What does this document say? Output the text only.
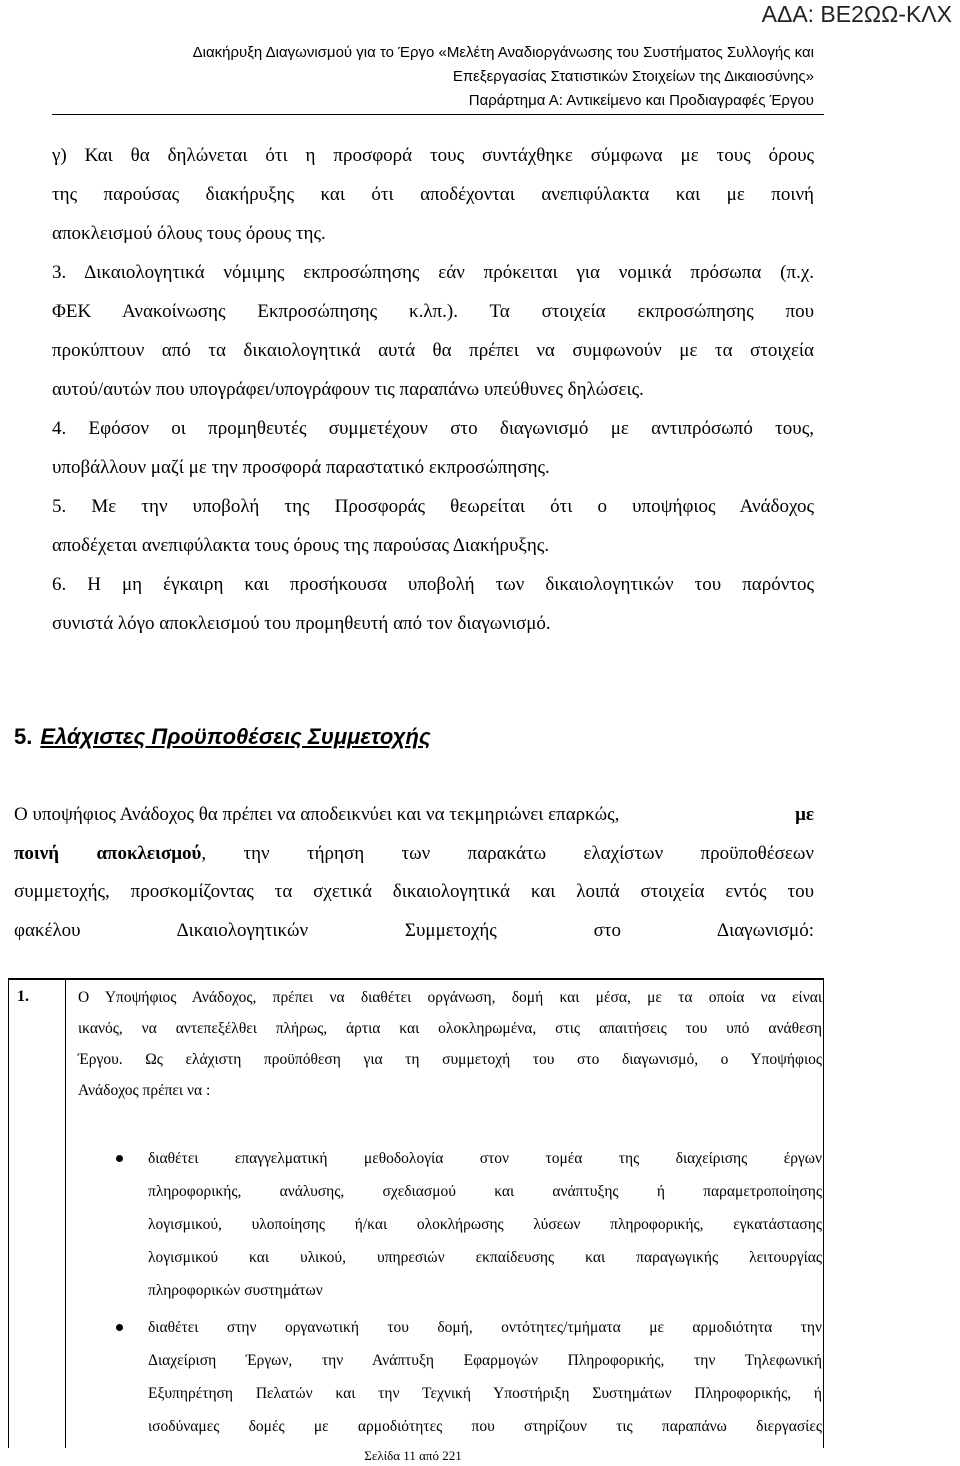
ΑΔΑ: ΒΕ2ΩΩ-ΚΛΧ
Διακήρυξη Διαγωνισμού για το Έργο «Μελέτη Αναδιοργάνωσης του Συστήματος Συλλογής και
Επεξεργασίας Στατιστικών Στοιχείων της Δικαιοσύνης»
Παράρτημα Α: Αντικείμενο και Προδιαγραφές Έργου
γ) Και θα δηλώνεται ότι η προσφορά τους συντάχθηκε σύμφωνα με τους όρους
της παρούσας διακήρυξης και ότι αποδέχονται ανεπιφύλακτα και με ποινή
αποκλεισμού όλους τους όρους της.
3. Δικαιολογητικά νόμιμης εκπροσώπησης εάν πρόκειται για νομικά πρόσωπα (π.χ.
ΦΕΚ Ανακοίνωσης Εκπροσώπησης κ.λπ.). Τα στοιχεία εκπροσώπησης που
προκύπτουν από τα δικαιολογητικά αυτά θα πρέπει να συμφωνούν με τα στοιχεία
αυτού/αυτών που υπογράφει/υπογράφουν τις παραπάνω υπεύθυνες δηλώσεις.
4. Εφόσον οι προμηθευτές συμμετέχουν στο διαγωνισμό με αντιπρόσωπό τους,
υποβάλλουν μαζί με την προσφορά παραστατικό εκπροσώπησης.
5. Με την υποβολή της Προσφοράς θεωρείται ότι ο υποψήφιος Ανάδοχος
αποδέχεται ανεπιφύλακτα τους όρους της παρούσας Διακήρυξης.
6. Η μη έγκαιρη και προσήκουσα υποβολή των δικαιολογητικών του παρόντος
συνιστά λόγο αποκλεισμού του προμηθευτή από τον διαγωνισμό.
5. Ελάχιστες Προϋποθέσεις Συμμετοχής
Ο υποψήφιος Ανάδοχος θα πρέπει να αποδεικνύει και να τεκμηριώνει επαρκώς,	με
ποινή αποκλεισμού, την τήρηση των παρακάτω ελαχίστων προϋποθέσεων
συμμετοχής, προσκομίζοντας τα σχετικά δικαιολογητικά και λοιπά στοιχεία εντός του
φακέλου Δικαιολογητικών Συμμετοχής στο Διαγωνισμό:
1.	Ο Υποψήφιος Ανάδοχος, πρέπει να διαθέτει οργάνωση, δομή και μέσα, με τα οποία να είναι
ικανός, να αντεπεξέλθει πλήρως, άρτια και ολοκληρωμένα, στις απαιτήσεις του υπό ανάθεση
Έργου. Ως ελάχιστη προϋπόθεση για τη συμμετοχή του στο διαγωνισμό, ο Υποψήφιος
Ανάδοχος πρέπει να :
διαθέτει επαγγελματική μεθοδολογία στον τομέα της διαχείρισης έργων
πληροφορικής, ανάλυσης, σχεδιασμού και ανάπτυξης ή παραμετροποίησης
λογισμικού, υλοποίησης ή/και ολοκλήρωσης λύσεων πληροφορικής, εγκατάστασης
λογισμικού και υλικού, υπηρεσιών εκπαίδευσης και παραγωγικής λειτουργίας
πληροφορικών συστημάτων
διαθέτει στην οργανωτική του δομή, οντότητες/τμήματα με αρμοδιότητα την
Διαχείριση Έργων, την Ανάπτυξη Εφαρμογών Πληροφορικής, την Τηλεφωνική
Εξυπηρέτηση Πελατών και την Τεχνική Υποστήριξη Συστημάτων Πληροφορικής, ή
ισοδύναμες δομές με αρμοδιότητες που στηρίζουν τις παραπάνω διεργασίες
Σελίδα 11 από 221
